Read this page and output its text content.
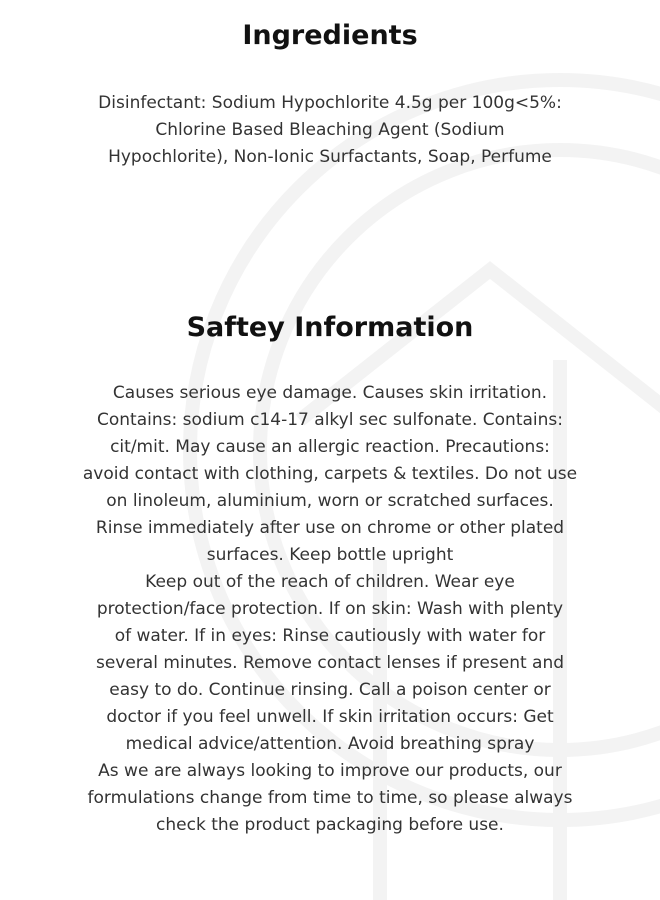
Ingredients

Disinfectant: Sodium Hypochlorite 4.5g per 100g<5%:
Chlorine Based Bleaching Agent (Sodium
Hypochlorite), Non-Ionic Surfactants, Soap, Perfume

Saftey Information

Causes serious eye damage. Causes skin irritation.
Contains: sodium c14-17 alkyl sec sulfonate. Contains:
cit/mit. May cause an allergic reaction. Precautions:
avoid contact with clothing, carpets & textiles. Do not use
on linoleum, aluminium, worn or scratched surfaces.
Rinse immediately after use on chrome or other plated
surfaces. Keep bottle upright
Keep out of the reach of children. Wear eye
protection/face protection. If on skin: Wash with plenty
of water. If in eyes: Rinse cautiously with water for
several minutes. Remove contact lenses if present and
easy to do. Continue rinsing. Call a poison center or
doctor if you feel unwell. If skin irritation occurs: Get
medical advice/attention. Avoid breathing spray
As we are always looking to improve our products, our
formulations change from time to time, so please always
check the product packaging before use.
